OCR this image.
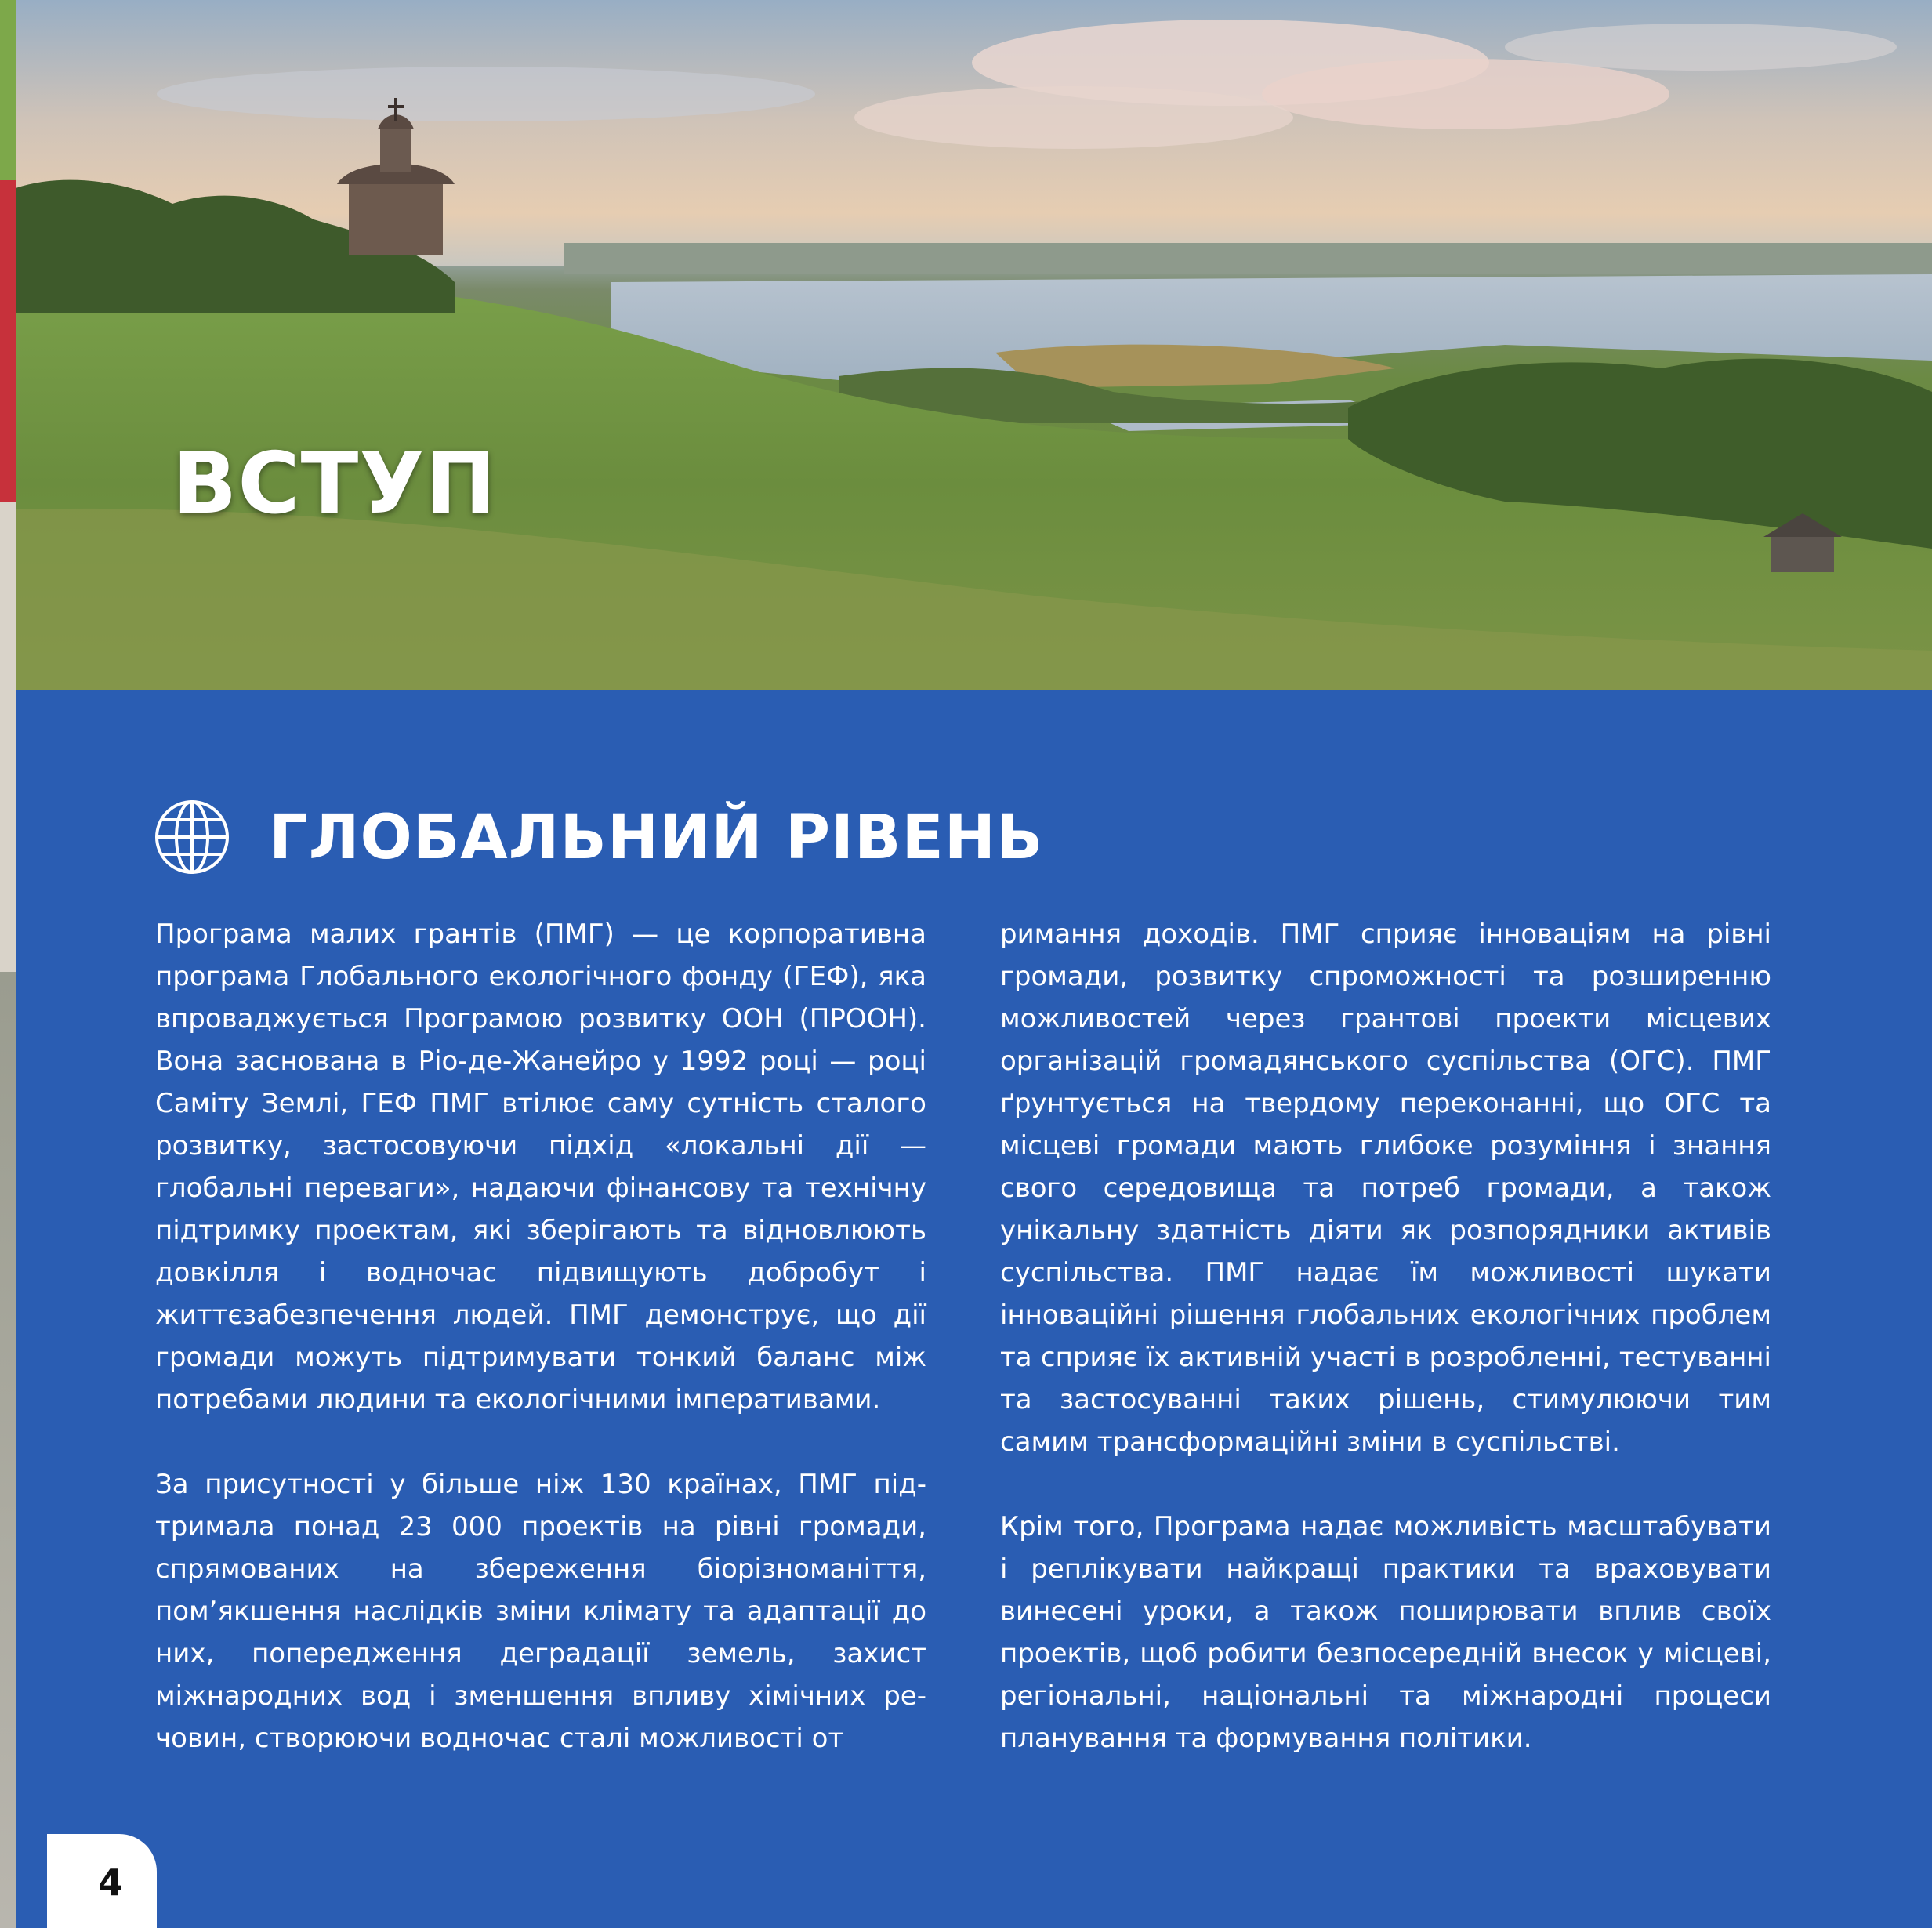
ВСТУП
ГЛОБАЛЬНИЙ РІВЕНЬ

Програма малих грантів (ПМГ) — це корпоративна програма Глобального екологічного фонду (ГЕФ), яка впроваджується Програмою розвитку ООН (ПРООН). Вона заснована в Ріо-де-Жанейро у 1992 році — році Саміту Землі, ГЕФ ПМГ втілює саму сутність сталого розвитку, застосовуючи підхід «локальні дії — глобальні переваги», надаючи фінансову та технічну підтримку проектам, які зберігають та відновлюють довкілля і водночас підвищують добробут і життєзабезпечення людей. ПМГ демонструє, що дії громади можуть підтримувати тонкий баланс між потребами людини та екологічними імперативами.

За присутності у більше ніж 130 країнах, ПМГ підтримала понад 23 000 проектів на рівні громади, спрямованих на збереження біорізноманіття, пом’якшення наслідків зміни клімату та адаптації до них, попередження деградації земель, захист міжнародних вод і зменшення впливу хімічних речовин, створюючи водночас сталі можливості от

римання доходів. ПМГ сприяє інноваціям на рівні громади, розвитку спроможності та розширенню можливостей через грантові проекти місцевих організацій громадянського суспільства (ОГС). ПМГ ґрунтується на твердому переконанні, що ОГС та місцеві громади мають глибоке розуміння і знання свого середовища та потреб громади, а також унікальну здатність діяти як розпорядники активів суспільства. ПМГ надає їм можливості шукати інноваційні рішення глобальних екологічних проблем та сприяє їх активній участі в розробленні, тестуванні та застосуванні таких рішень, стимулюючи тим самим трансформаційні зміни в суспільстві.

Крім того, Програма надає можливість масштабувати і реплікувати найкращі практики та враховувати винесені уроки, а також поширювати вплив своїх проектів, щоб робити безпосередній внесок у місцеві, регіональні, національні та міжнародні процеси планування та формування політики.

4
